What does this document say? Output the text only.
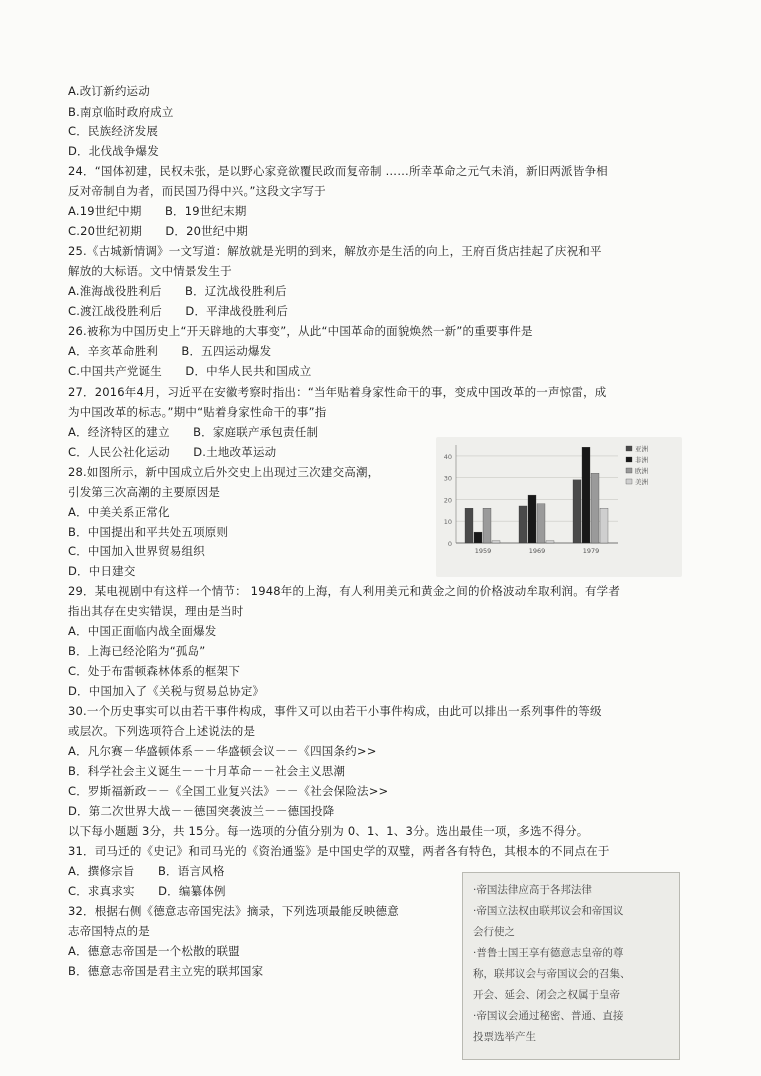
A.改订新约运动
B.南京临时政府成立
C．民族经济发展
D．北伐战争爆发
24．“国体初建，民权未张，是以野心家竞欲覆民政而复帝制 ……所幸革命之元气未消，新旧两派皆争相
反对帝制自为者，而民国乃得中兴。”这段文字写于
A.19世纪中期　　B．19世纪末期
C.20世纪初期　　D．20世纪中期
25.《古城新情调》一文写道：解放就是光明的到来，解放亦是生活的向上，王府百货店挂起了庆祝和平
解放的大标语。文中情景发生于
A.淮海战役胜利后　　B．辽沈战役胜利后
C.渡江战役胜利后　　D．平津战役胜利后
26.被称为中国历史上“开天辟地的大事变”，从此“中国革命的面貌焕然一新”的重要事件是
A．辛亥革命胜利　　B．五四运动爆发
C.中国共产党诞生　　D．中华人民共和国成立
27．2016年4月，习近平在安徽考察时指出：“当年贴着身家性命干的事，变成中国改革的一声惊雷，成
为中国改革的标志。”期中“贴着身家性命干的事”指
A．经济特区的建立　　B．家庭联产承包责任制
C．人民公社化运动　　D.土地改革运动
28.如图所示，新中国成立后外交史上出现过三次建交高潮，
引发第三次高潮的主要原因是
A．中美关系正常化
B．中国提出和平共处五项原则
C．中国加入世界贸易组织
D．中日建交
29．某电视剧中有这样一个情节： 1948年的上海，有人利用美元和黄金之间的价格波动牟取利润。有学者
指出其存在史实错误，理由是当时
A．中国正面临内战全面爆发
B．上海已经沦陷为“孤岛”
C．处于布雷顿森林体系的框架下
D．中国加入了《关税与贸易总协定》
30.一个历史事实可以由若干事件构成，事件又可以由若干小事件构成，由此可以排出一系列事件的等级
或层次。下列选项符合上述说法的是
A．凡尔赛－华盛顿体系－－华盛顿会议－－《四国条约>>
B．科学社会主义诞生－－十月革命－－社会主义思潮
C．罗斯福新政－－《全国工业复兴法》－－《社会保险法>>
D．第二次世界大战－－德国突袭波兰－－德国投降
以下每小题题 3分，共 15分。每一选项的分值分别为 0、1、1、3分。选出最佳一项，多选不得分。
31．司马迁的《史记》和司马光的《资治通鉴》是中国史学的双璧，两者各有特色，其根本的不同点在于
A．撰修宗旨　　B．语言风格
C．求真求实　　D．编纂体例
32．根据右侧《德意志帝国宪法》摘录，下列选项最能反映德意
志帝国特点的是
A．德意志帝国是一个松散的联盟
B．德意志帝国是君主立宪的联邦国家
0
10
20
30
40
1959	1969	1979
亚洲
非洲
欧洲
美洲
·帝国法律应高于各邦法律
·帝国立法权由联邦议会和帝国议
会行使之
·普鲁士国王享有德意志皇帝的尊
称，联邦议会与帝国议会的召集、
开会、延会、闭会之权属于皇帝
·帝国议会通过秘密、普通、直接
投票选举产生
